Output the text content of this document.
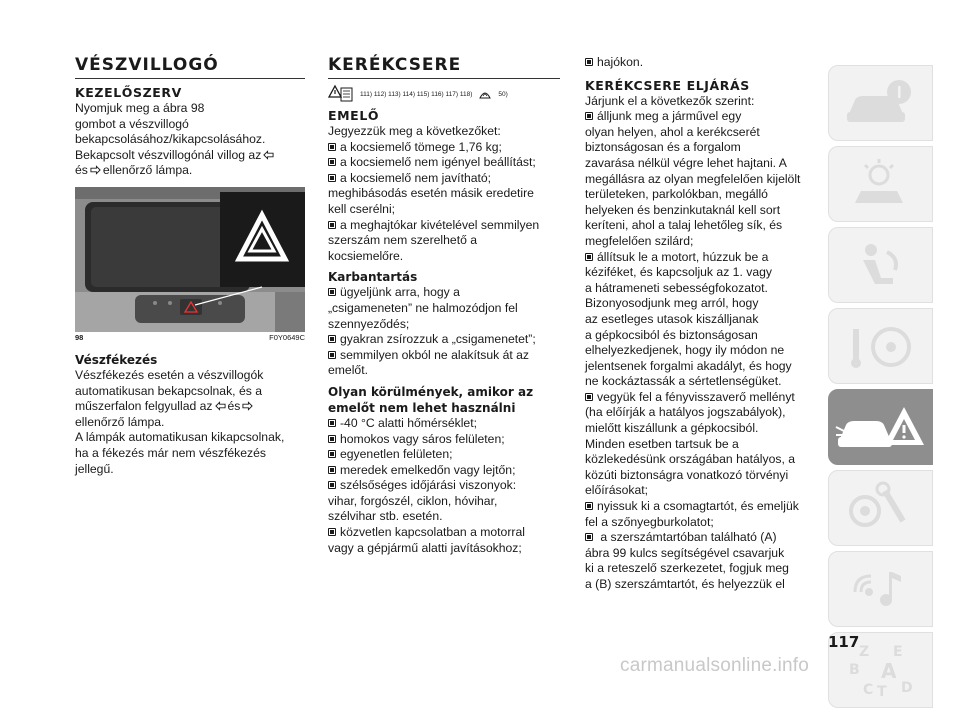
VÉSZVILLOGÓ
KEZELŐSZERV

Nyomjuk meg a ábra 98

gombot a vészvillogó

bekapcsolásához/kikapcsolásához.

Bekapcsolt vészvillogónál villog az

és ellenőrző lámpa.

98	F0Y0649C
Vészfékezés

Vészfékezés esetén a vészvillogók

automatikusan bekapcsolnak, és a

műszerfalon felgyullad az és

ellenőrző lámpa.

A lámpák automatikusan kikapcsolnak,

ha a fékezés már nem vészfékezés

jellegű.

KERÉKCSERE
111) 112) 113) 114) 115) 116) 117) 118)	50)
EMELŐ

Jegyezzük meg a következőket:

a kocsiemelő tömege 1,76 kg;

a kocsiemelő nem igényel beállítást;

a kocsiemelő nem javítható;

meghibásodás esetén másik eredetire

kell cserélni;

a meghajtókar kivételével semmilyen

szerszám nem szerelhető a

kocsiemelőre.

Karbantartás

ügyeljünk arra, hogy a

„csigameneten” ne halmozódjon fel

szennyeződés;

gyakran zsírozzuk a „csigamenetet”;

semmilyen okból ne alakítsuk át az

emelőt.

Olyan körülmények, amikor az
emelőt nem lehet használni

-40 °C alatti hőmérséklet;

homokos vagy sáros felületen;

egyenetlen felületen;

meredek emelkedőn vagy lejtőn;

szélsőséges időjárási viszonyok:

vihar, forgószél, ciklon, hóvihar,

szélvihar stb. esetén.

közvetlen kapcsolatban a motorral

vagy a gépjármű alatti javításokhoz;

hajókon.

KERÉKCSERE ELJÁRÁS

Járjunk el a következők szerint:

álljunk meg a járművel egy

olyan helyen, ahol a kerékcserét

biztonságosan és a forgalom

zavarása nélkül végre lehet hajtani. A

megállásra az olyan megfelelően kijelölt

területeken, parkolókban, megálló

helyeken és benzinkutaknál kell sort

keríteni, ahol a talaj lehetőleg sík, és

megfelelően szilárd;

állítsuk le a motort, húzzuk be a

kéziféket, és kapcsoljuk az 1. vagy

a hátrameneti sebességfokozatot.

Bizonyosodjunk meg arról, hogy

az esetleges utasok kiszálljanak

a gépkocsiból és biztonságosan

elhelyezkedjenek, hogy ily módon ne

jelentsenek forgalmi akadályt, és hogy

ne kockáztassák a sértetlenségüket.

vegyük fel a fényvisszaverő mellényt

(ha előírják a hatályos jogszabályok),

mielőtt kiszállunk a gépkocsiból.

Minden esetben tartsuk be a

közlekedésünk országában hatályos, a

közúti biztonságra vonatkozó törvényi

előírásokat;

nyissuk ki a csomagtartót, és emeljük

fel a szőnyegburkolatot;

a szerszámtartóban található (A)

ábra 99 kulcs segítségével csavarjuk

ki a reteszelő szerkezetet, fogjuk meg

a (B) szerszámtartót, és helyezzük el

Z E
B A
C T D
117
carmanualsonline.info
